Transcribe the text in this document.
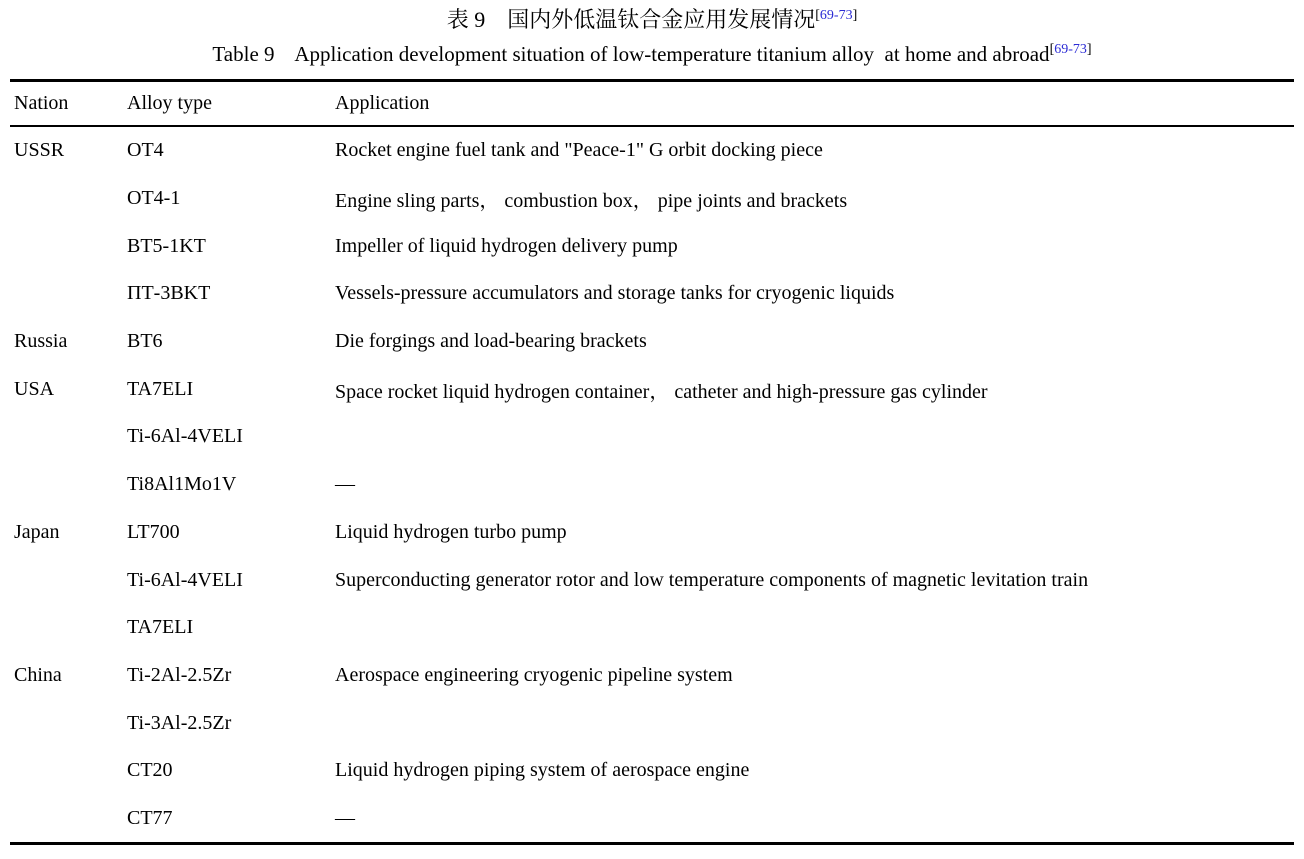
表 9　国内外低温钛合金应用发展情况[69-73]
Table 9    Application development situation of low-temperature titanium alloy  at home and abroad[69-73]
Nation	Alloy type	Application
USSR	OT4	Rocket engine fuel tank and "Peace-1" G orbit docking piece
	OT4-1	Engine sling parts， combustion box， pipe joints and brackets
	BT5-1KT	Impeller of liquid hydrogen delivery pump
	ПТ-3BKT	Vessels-pressure accumulators and storage tanks for cryogenic liquids
Russia	BT6	Die forgings and load-bearing brackets
USA	TA7ELI	Space rocket liquid hydrogen container， catheter and high-pressure gas cylinder
	Ti-6Al-4VELI	
	Ti8Al1Mo1V	—
Japan	LT700	Liquid hydrogen turbo pump
	Ti-6Al-4VELI	Superconducting generator rotor and low temperature components of magnetic levitation train
	TA7ELI	
China	Ti-2Al-2.5Zr	Aerospace engineering cryogenic pipeline system
	Ti-3Al-2.5Zr	
	CT20	Liquid hydrogen piping system of aerospace engine
	CT77	—
